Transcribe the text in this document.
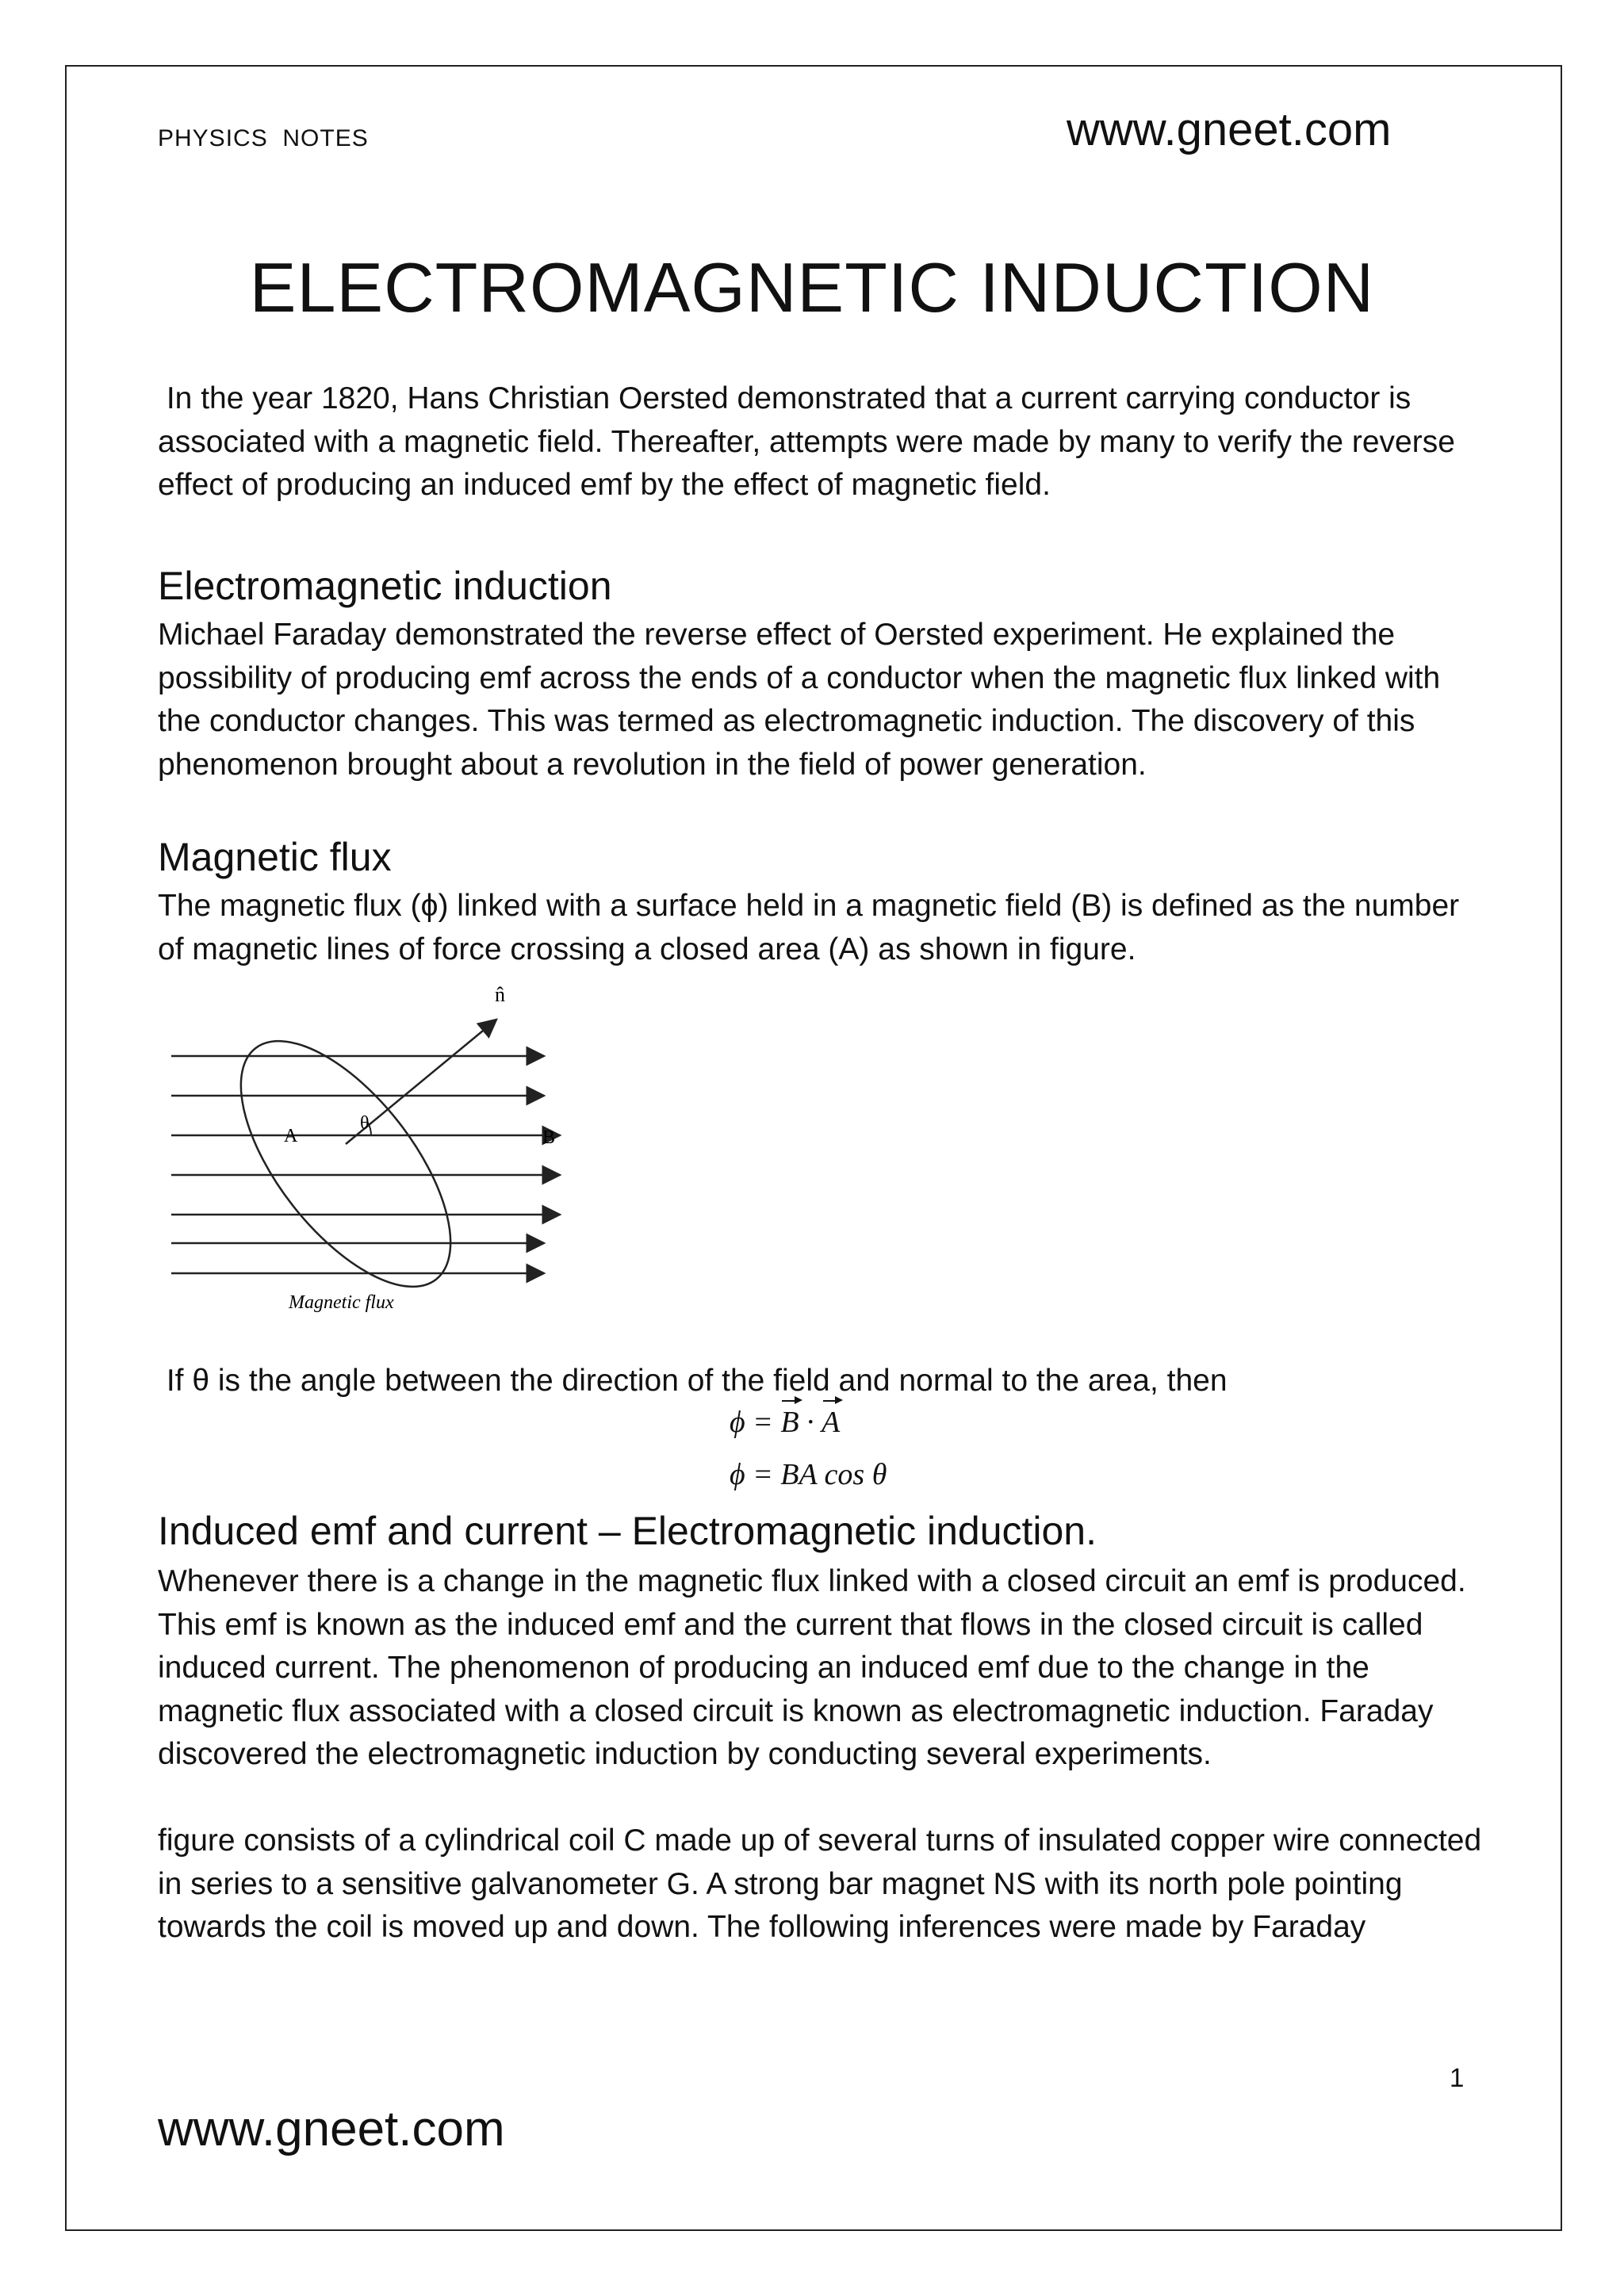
PHYSICS  NOTES	www.gneet.com
ELECTROMAGNETIC INDUCTION
In the year 1820, Hans Christian Oersted demonstrated that a current carrying conductor is associated with a magnetic field. Thereafter, attempts were made by many to verify the reverse effect of producing an induced emf by the effect of magnetic field.
Electromagnetic induction
Michael Faraday demonstrated the reverse effect of Oersted experiment. He explained the possibility of producing emf across the ends of a conductor when the magnetic flux linked with the conductor changes. This was termed as electromagnetic induction. The discovery of this phenomenon brought about a revolution in the field of power generation.
Magnetic flux
The magnetic flux (ϕ) linked with a surface held in a magnetic field (B) is defined as the number of magnetic lines of force crossing a closed area (A) as shown in figure.
n̂
A
θ
B
Magnetic flux
If θ is the angle between the direction of the field and normal to the area, then
ϕ = B · A
ϕ = BA cos θ
Induced emf and current – Electromagnetic induction.
Whenever there is a change in the magnetic flux linked with a closed circuit an emf is produced. This emf is known as the induced emf and the current that flows in the closed circuit is called induced current. The phenomenon of producing an induced emf due to the change in the magnetic flux associated with a closed circuit is known as electromagnetic induction. Faraday discovered the electromagnetic induction by conducting several experiments.
figure consists of a cylindrical coil C made up of several turns of insulated copper wire connected in series to a sensitive galvanometer G. A strong bar magnet NS with its north pole pointing towards the coil is moved up and down. The following inferences were made by Faraday
1
www.gneet.com
